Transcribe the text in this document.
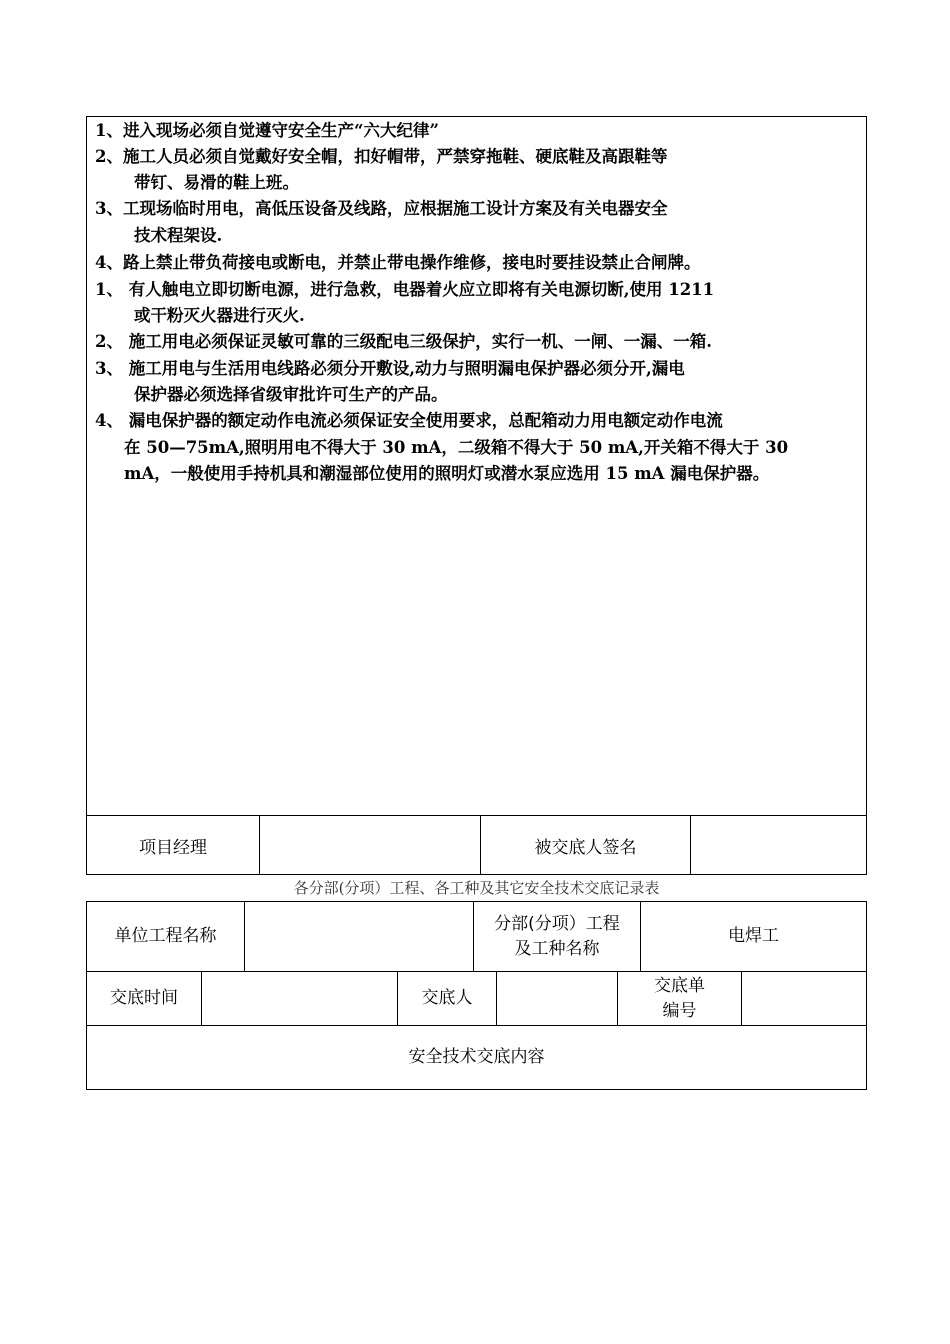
1、进入现场必须自觉遵守安全生产“六大纪律”
2、施工人员必须自觉戴好安全帽，扣好帽带，严禁穿拖鞋、硬底鞋及高跟鞋等
带钉、易滑的鞋上班。
3、工现场临时用电，高低压设备及线路，应根据施工设计方案及有关电器安全
技术程架设.
4、路上禁止带负荷接电或断电，并禁止带电操作维修，接电时要挂设禁止合闸牌。
1、 有人触电立即切断电源，进行急救，电器着火应立即将有关电源切断,使用 1211
或干粉灭火器进行灭火.
2、 施工用电必须保证灵敏可靠的三级配电三级保护，实行一机、一闸、一漏、一箱.
3、 施工用电与生活用电线路必须分开敷设,动力与照明漏电保护器必须分开,漏电
保护器必须选择省级审批许可生产的产品。
4、 漏电保护器的额定动作电流必须保证安全使用要求，总配箱动力用电额定动作电流
在 50—75mA,照明用电不得大于 30 mA，二级箱不得大于 50 mA,开关箱不得大于 30
mA，一般使用手持机具和潮湿部位使用的照明灯或潜水泵应选用 15 mA 漏电保护器。
项目经理	被交底人签名
各分部(分项）工程、各工种及其它安全技术交底记录表
单位工程名称
分部(分项）工程
及工种名称
电焊工
交底时间	交底人
交底单
编号
安全技术交底内容
